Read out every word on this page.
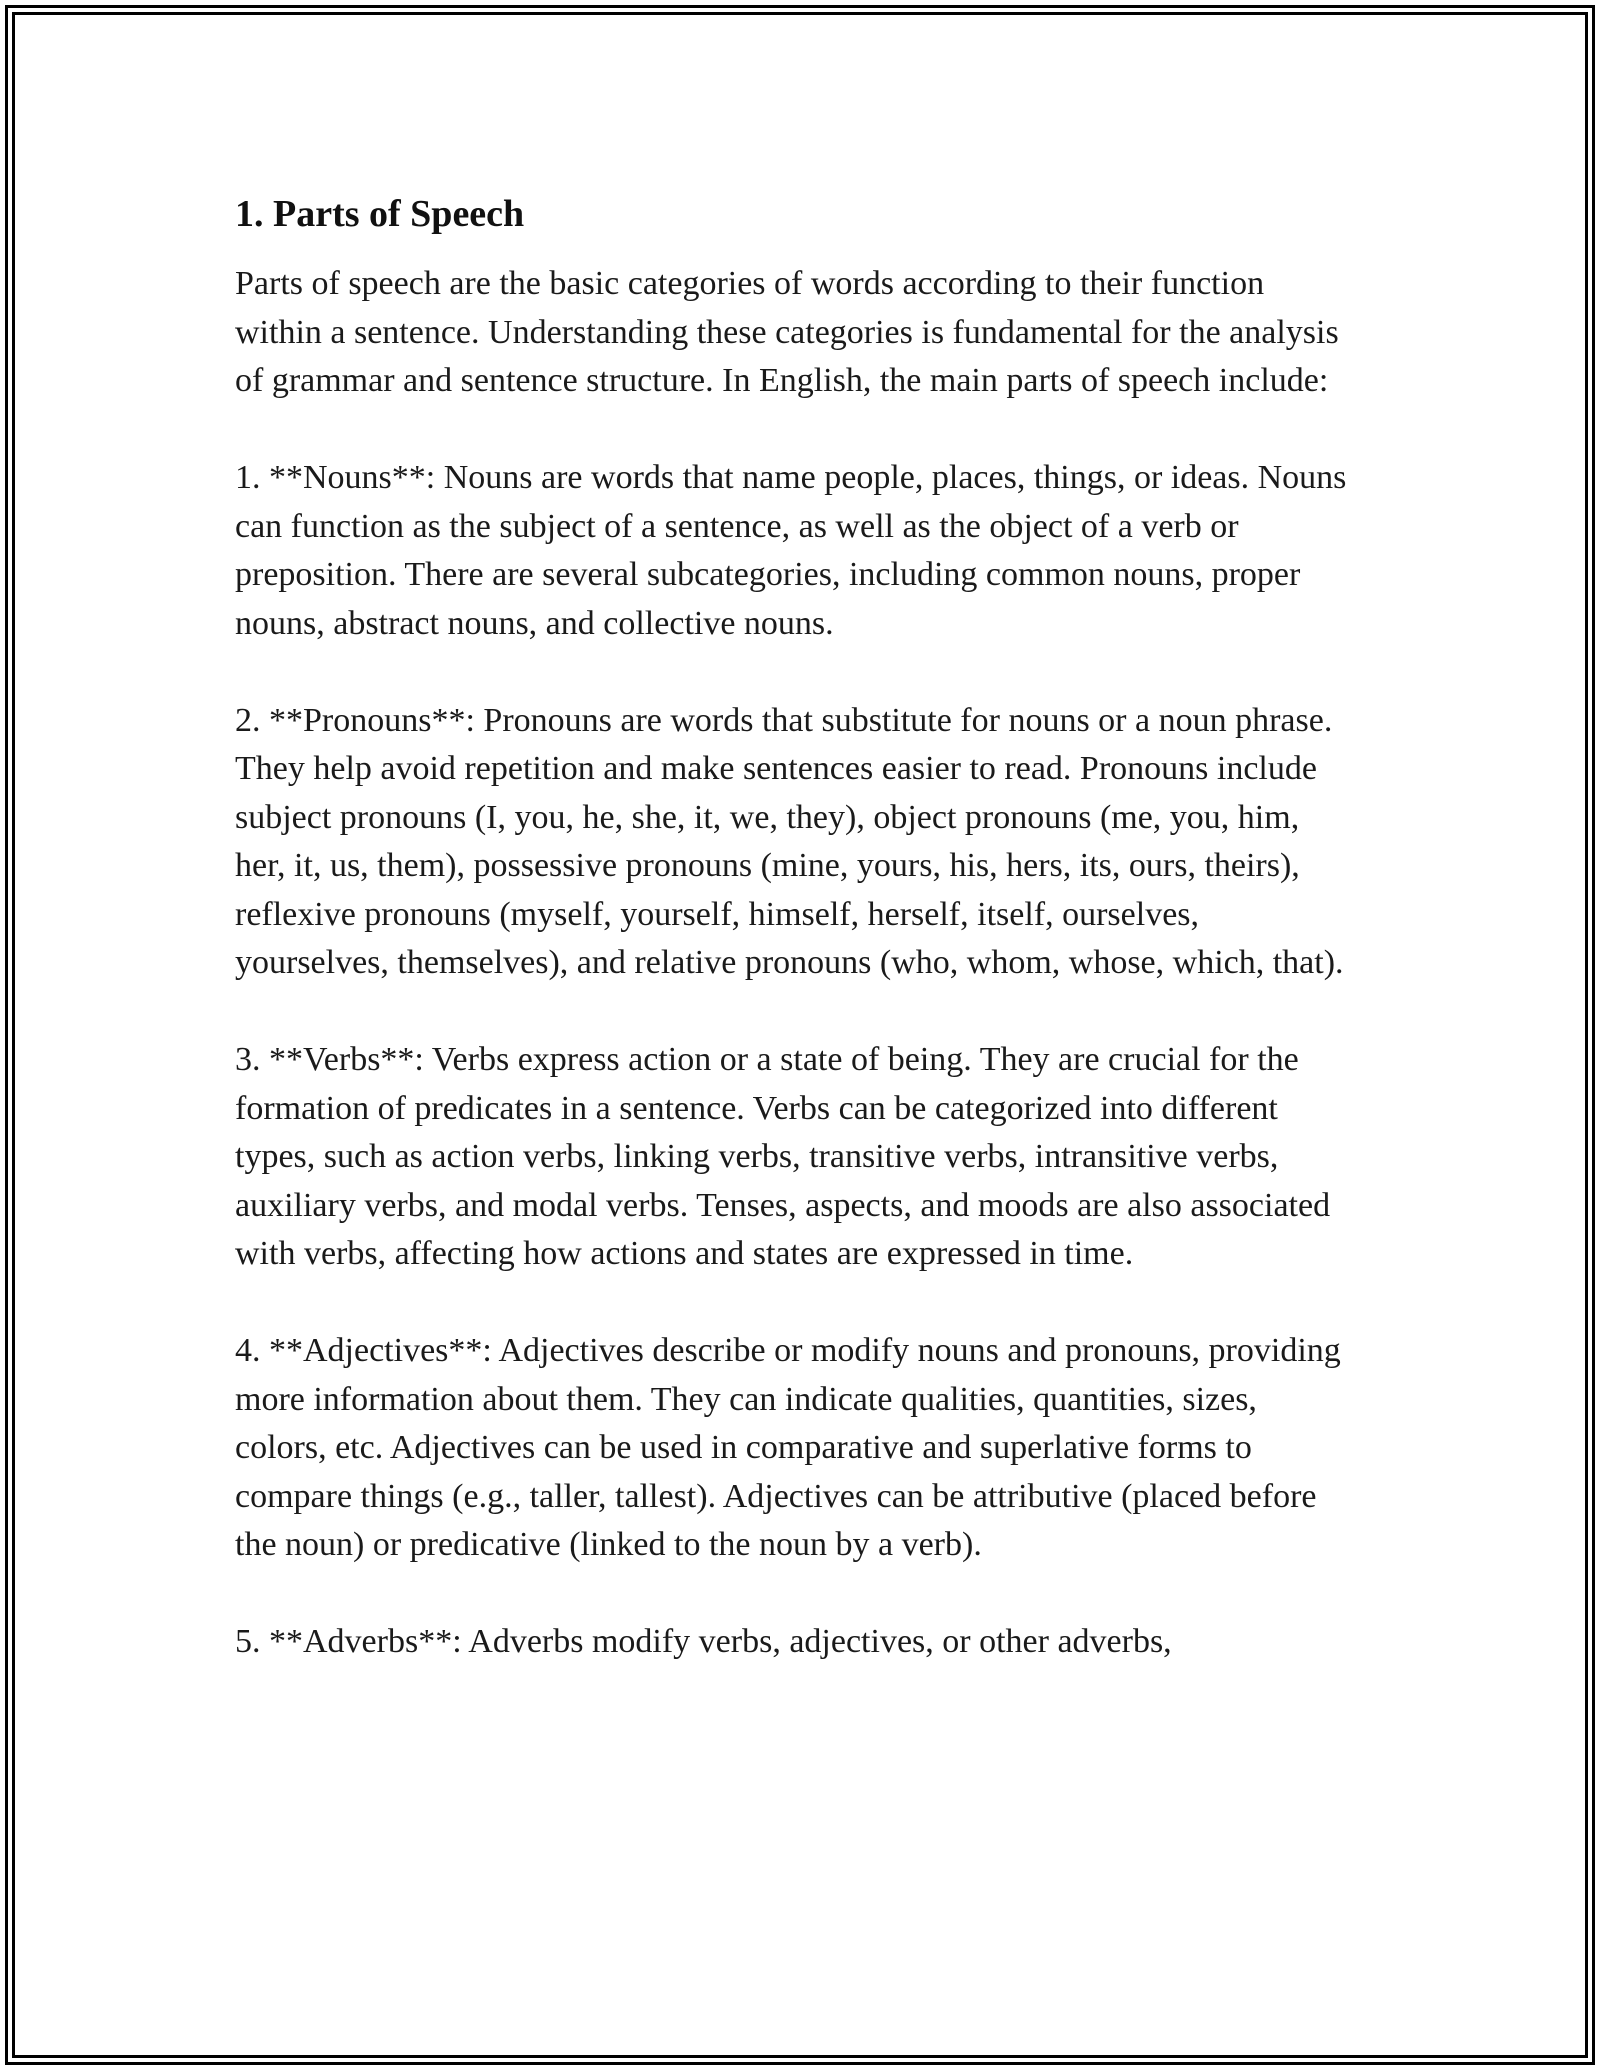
1. Parts of Speech

Parts of speech are the basic categories of words according to their function within a sentence. Understanding these categories is fundamental for the analysis of grammar and sentence structure. In English, the main parts of speech include:

1. **Nouns**: Nouns are words that name people, places, things, or ideas. Nouns can function as the subject of a sentence, as well as the object of a verb or preposition. There are several subcategories, including common nouns, proper nouns, abstract nouns, and collective nouns.

2. **Pronouns**: Pronouns are words that substitute for nouns or a noun phrase. They help avoid repetition and make sentences easier to read. Pronouns include subject pronouns (I, you, he, she, it, we, they), object pronouns (me, you, him, her, it, us, them), possessive pronouns (mine, yours, his, hers, its, ours, theirs), reflexive pronouns (myself, yourself, himself, herself, itself, ourselves, yourselves, themselves), and relative pronouns (who, whom, whose, which, that).

3. **Verbs**: Verbs express action or a state of being. They are crucial for the formation of predicates in a sentence. Verbs can be categorized into different types, such as action verbs, linking verbs, transitive verbs, intransitive verbs, auxiliary verbs, and modal verbs. Tenses, aspects, and moods are also associated with verbs, affecting how actions and states are expressed in time.

4. **Adjectives**: Adjectives describe or modify nouns and pronouns, providing more information about them. They can indicate qualities, quantities, sizes, colors, etc. Adjectives can be used in comparative and superlative forms to compare things (e.g., taller, tallest). Adjectives can be attributive (placed before the noun) or predicative (linked to the noun by a verb).

5. **Adverbs**: Adverbs modify verbs, adjectives, or other adverbs,
